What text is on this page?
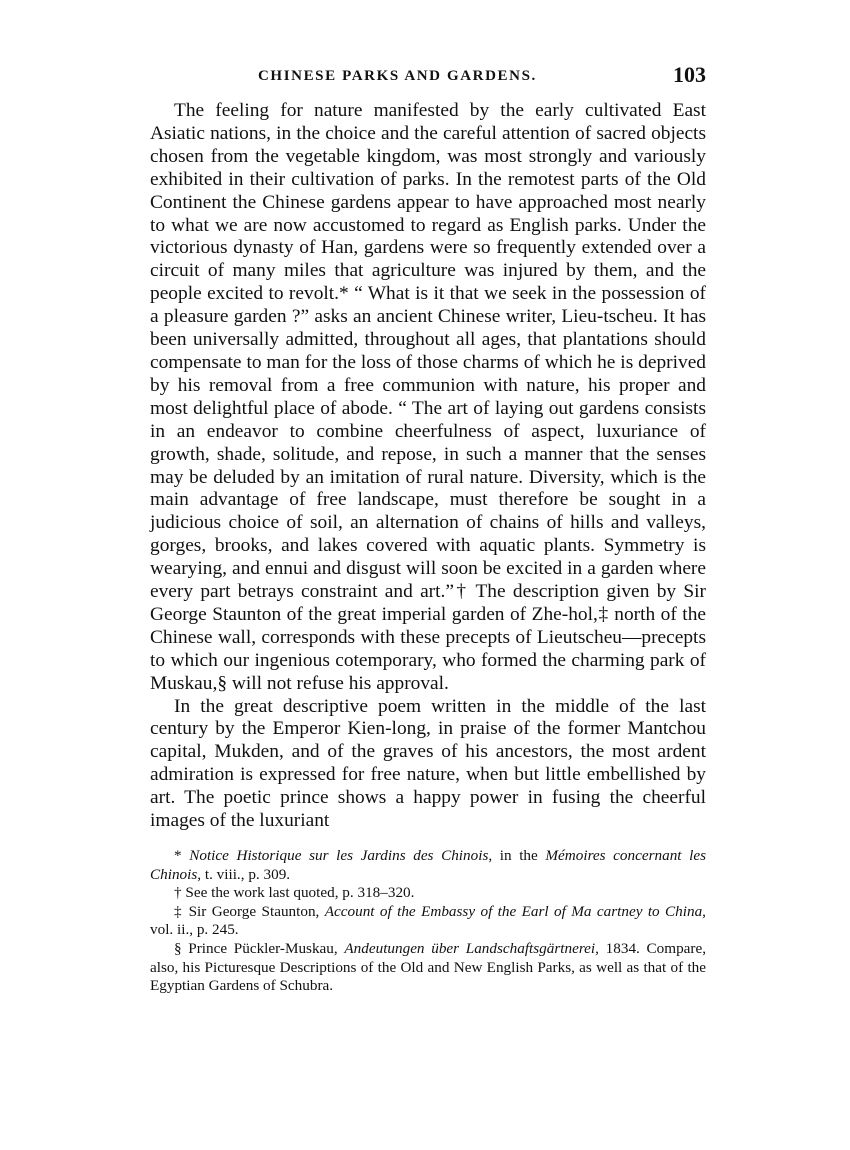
CHINESE PARKS AND GARDENS.	103

The feeling for nature manifested by the early cultivated East Asiatic nations, in the choice and the careful attention of sacred objects chosen from the vegetable kingdom, was most strongly and variously exhibited in their cultivation of parks. In the remotest parts of the Old Continent the Chinese gardens appear to have approached most nearly to what we are now accustomed to regard as English parks. Under the victorious dynasty of Han, gardens were so frequently extended over a circuit of many miles that agriculture was injured by them, and the people excited to revolt.* “ What is it that we seek in the possession of a pleasure garden ?” asks an ancient Chinese writer, Lieu-tscheu. It has been universally admitted, throughout all ages, that plantations should compensate to man for the loss of those charms of which he is deprived by his removal from a free communion with nature, his proper and most delightful place of abode. “ The art of laying out gardens consists in an endeavor to combine cheerfulness of aspect, luxuriance of growth, shade, solitude, and repose, in such a manner that the senses may be deluded by an imitation of rural nature. Diversity, which is the main advantage of free landscape, must therefore be sought in a judicious choice of soil, an alternation of chains of hills and valleys, gorges, brooks, and lakes covered with aquatic plants. Symmetry is wearying, and ennui and disgust will soon be excited in a garden where every part betrays constraint and art.”† The description given by Sir George Staunton of the great imperial garden of Zhe-hol,‡ north of the Chinese wall, corresponds with these precepts of Lieutscheu—precepts to which our ingenious cotemporary, who formed the charming park of Muskau,§ will not refuse his approval.

In the great descriptive poem written in the middle of the last century by the Emperor Kien-long, in praise of the former Mantchou capital, Mukden, and of the graves of his ancestors, the most ardent admiration is expressed for free nature, when but little embellished by art. The poetic prince shows a happy power in fusing the cheerful images of the luxuriant

* Notice Historique sur les Jardins des Chinois, in the Mémoires concernant les Chinois, t. viii., p. 309.

† See the work last quoted, p. 318–320.

‡ Sir George Staunton, Account of the Embassy of the Earl of Ma cartney to China, vol. ii., p. 245.

§ Prince Pückler-Muskau, Andeutungen über Landschaftsgärtnerei, 1834. Compare, also, his Picturesque Descriptions of the Old and New English Parks, as well as that of the Egyptian Gardens of Schubra.
